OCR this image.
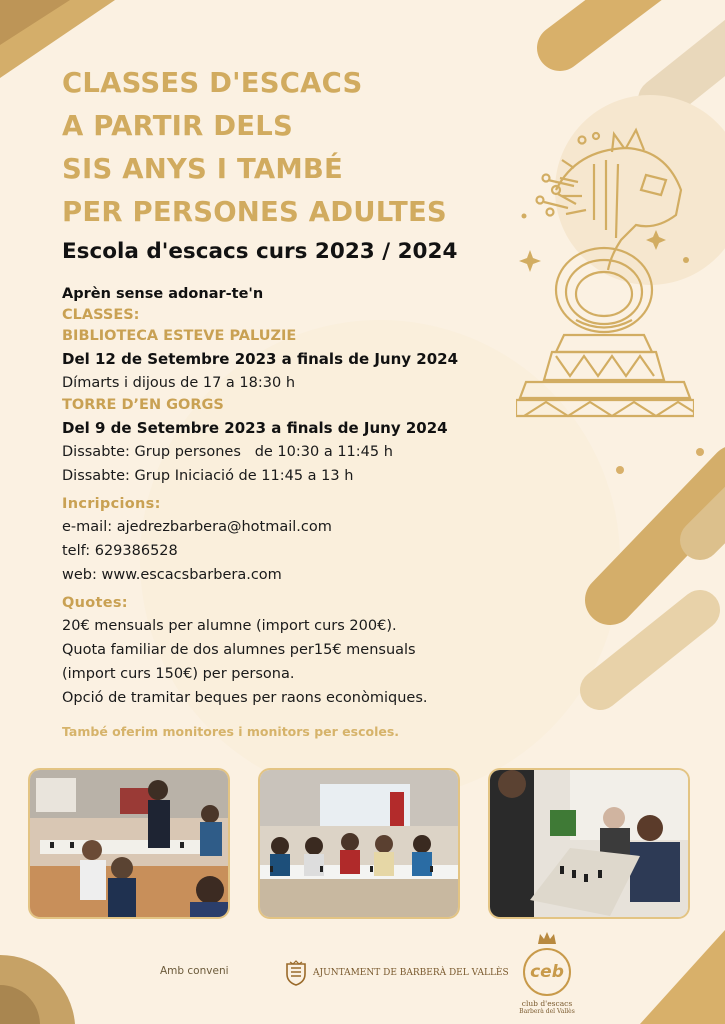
CLASSES D'ESCACS
A PARTIR DELS
SIS ANYS I TAMBÉ
PER PERSONES ADULTES
Escola d'escacs curs 2023 / 2024
Aprèn sense adonar-te'n
CLASSES:
BIBLIOTECA ESTEVE PALUZIE
Del 12 de Setembre 2023 a finals de Juny 2024
Dímarts i dijous de 17 a 18:30 h
TORRE D’EN GORGS
Del 9 de Setembre 2023 a finals de Juny 2024
Dissabte: Grup persones   de 10:30 a 11:45 h
Dissabte: Grup Iniciació de 11:45 a 13 h
Incripcions:
e-mail: ajedrezbarbera@hotmail.com
telf: 629386528
web: www.escacsbarbera.com
Quotes:
20€ mensuals per alumne (import curs 200€).
Quota familiar de dos alumnes per15€ mensuals
(import curs 150€) per persona.
Opció de tramitar beques per raons econòmiques.
També oferim monitores i monitors per escoles.
Amb conveni	AJUNTAMENT DE BARBERÀ DEL VALLÈS ceb
club d'escacs
Barberà del Vallès
